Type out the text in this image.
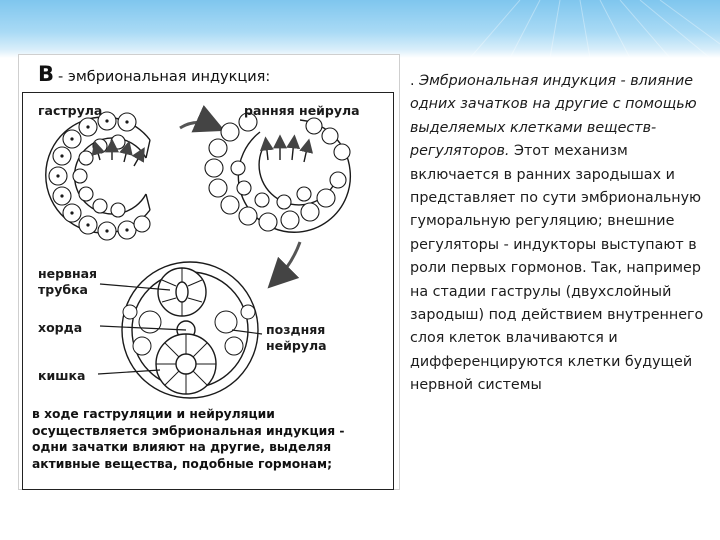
В - эмбриональная индукция:
гаструла	ранняя нейрула
нервная
трубка
хорда
кишка
поздняя
нейрула
в ходе гаструляции и нейруляции
осуществляется эмбриональная индукция -
одни зачатки влияют на другие, выделяя
активные вещества, подобные гормонам;
. Эмбриональная индукция - влияние одних зачатков на другие с помощью выделяемых клетками веществ-регуляторов. Этот механизм включается в ранних зародышах и представляет по сути эмбриональную гуморальную регуляцию; внешние регуляторы - индукторы выступают в роли первых гормонов. Так, например на стадии гаструлы (двухслойный зародыш) под действием внутреннего слоя клеток влачиваются и дифференцируются клетки будущей нервной системы
